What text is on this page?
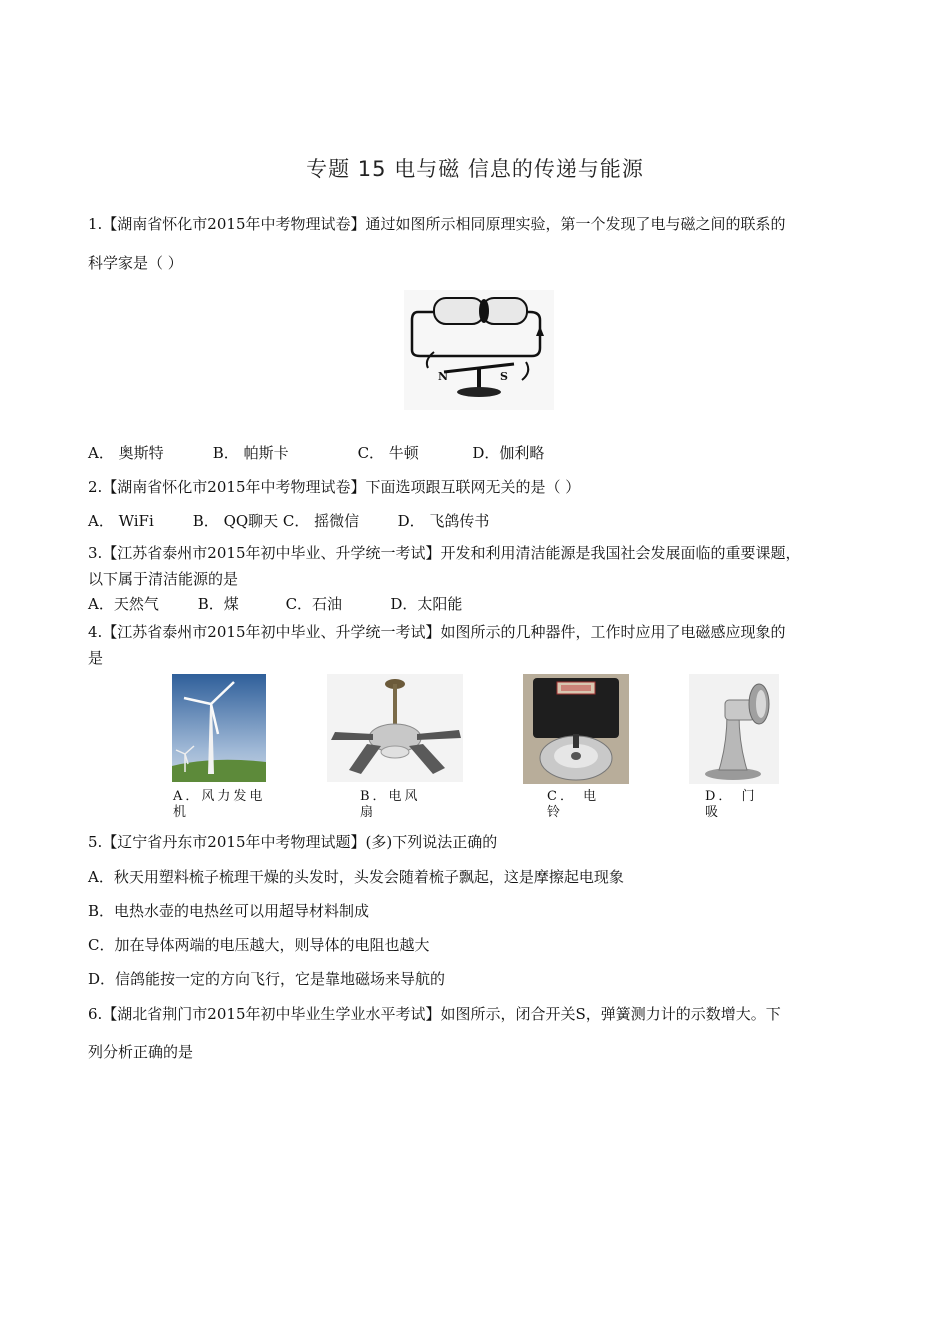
专题 15 电与磁 信息的传递与能源
1.【湖南省怀化市2015年中考物理试卷】通过如图所示相同原理实验，第一个发现了电与磁之间的联系的
科学家是（ ）
N	S
A． 奥斯特	B． 帕斯卡	C． 牛顿	D．伽利略
2.【湖南省怀化市2015年中考物理试卷】下面选项跟互联网无关的是（ ）
A． WiFi	B． QQ聊天 C． 摇微信	D． 飞鸽传书
3.【江苏省泰州市2015年初中毕业、升学统一考试】开发和利用清洁能源是我国社会发展面临的重要课题，
以下属于清洁能源的是
A．天然气	B．煤	C．石油	D．太阳能
4.【江苏省泰州市2015年初中毕业、升学统一考试】如图所示的几种器件，工作时应用了电磁感应现象的
是
A．风力发电
机
B．电风
扇
C． 电
铃
D． 门
吸
5.【辽宁省丹东市2015年中考物理试题】(多)下列说法正确的
A．秋天用塑料梳子梳理干燥的头发时，头发会随着梳子飘起，这是摩擦起电现象
B．电热水壶的电热丝可以用超导材料制成
C．加在导体两端的电压越大，则导体的电阻也越大
D．信鸽能按一定的方向飞行，它是靠地磁场来导航的
6.【湖北省荆门市2015年初中毕业生学业水平考试】如图所示，闭合开关S，弹簧测力计的示数增大。下
列分析正确的是
